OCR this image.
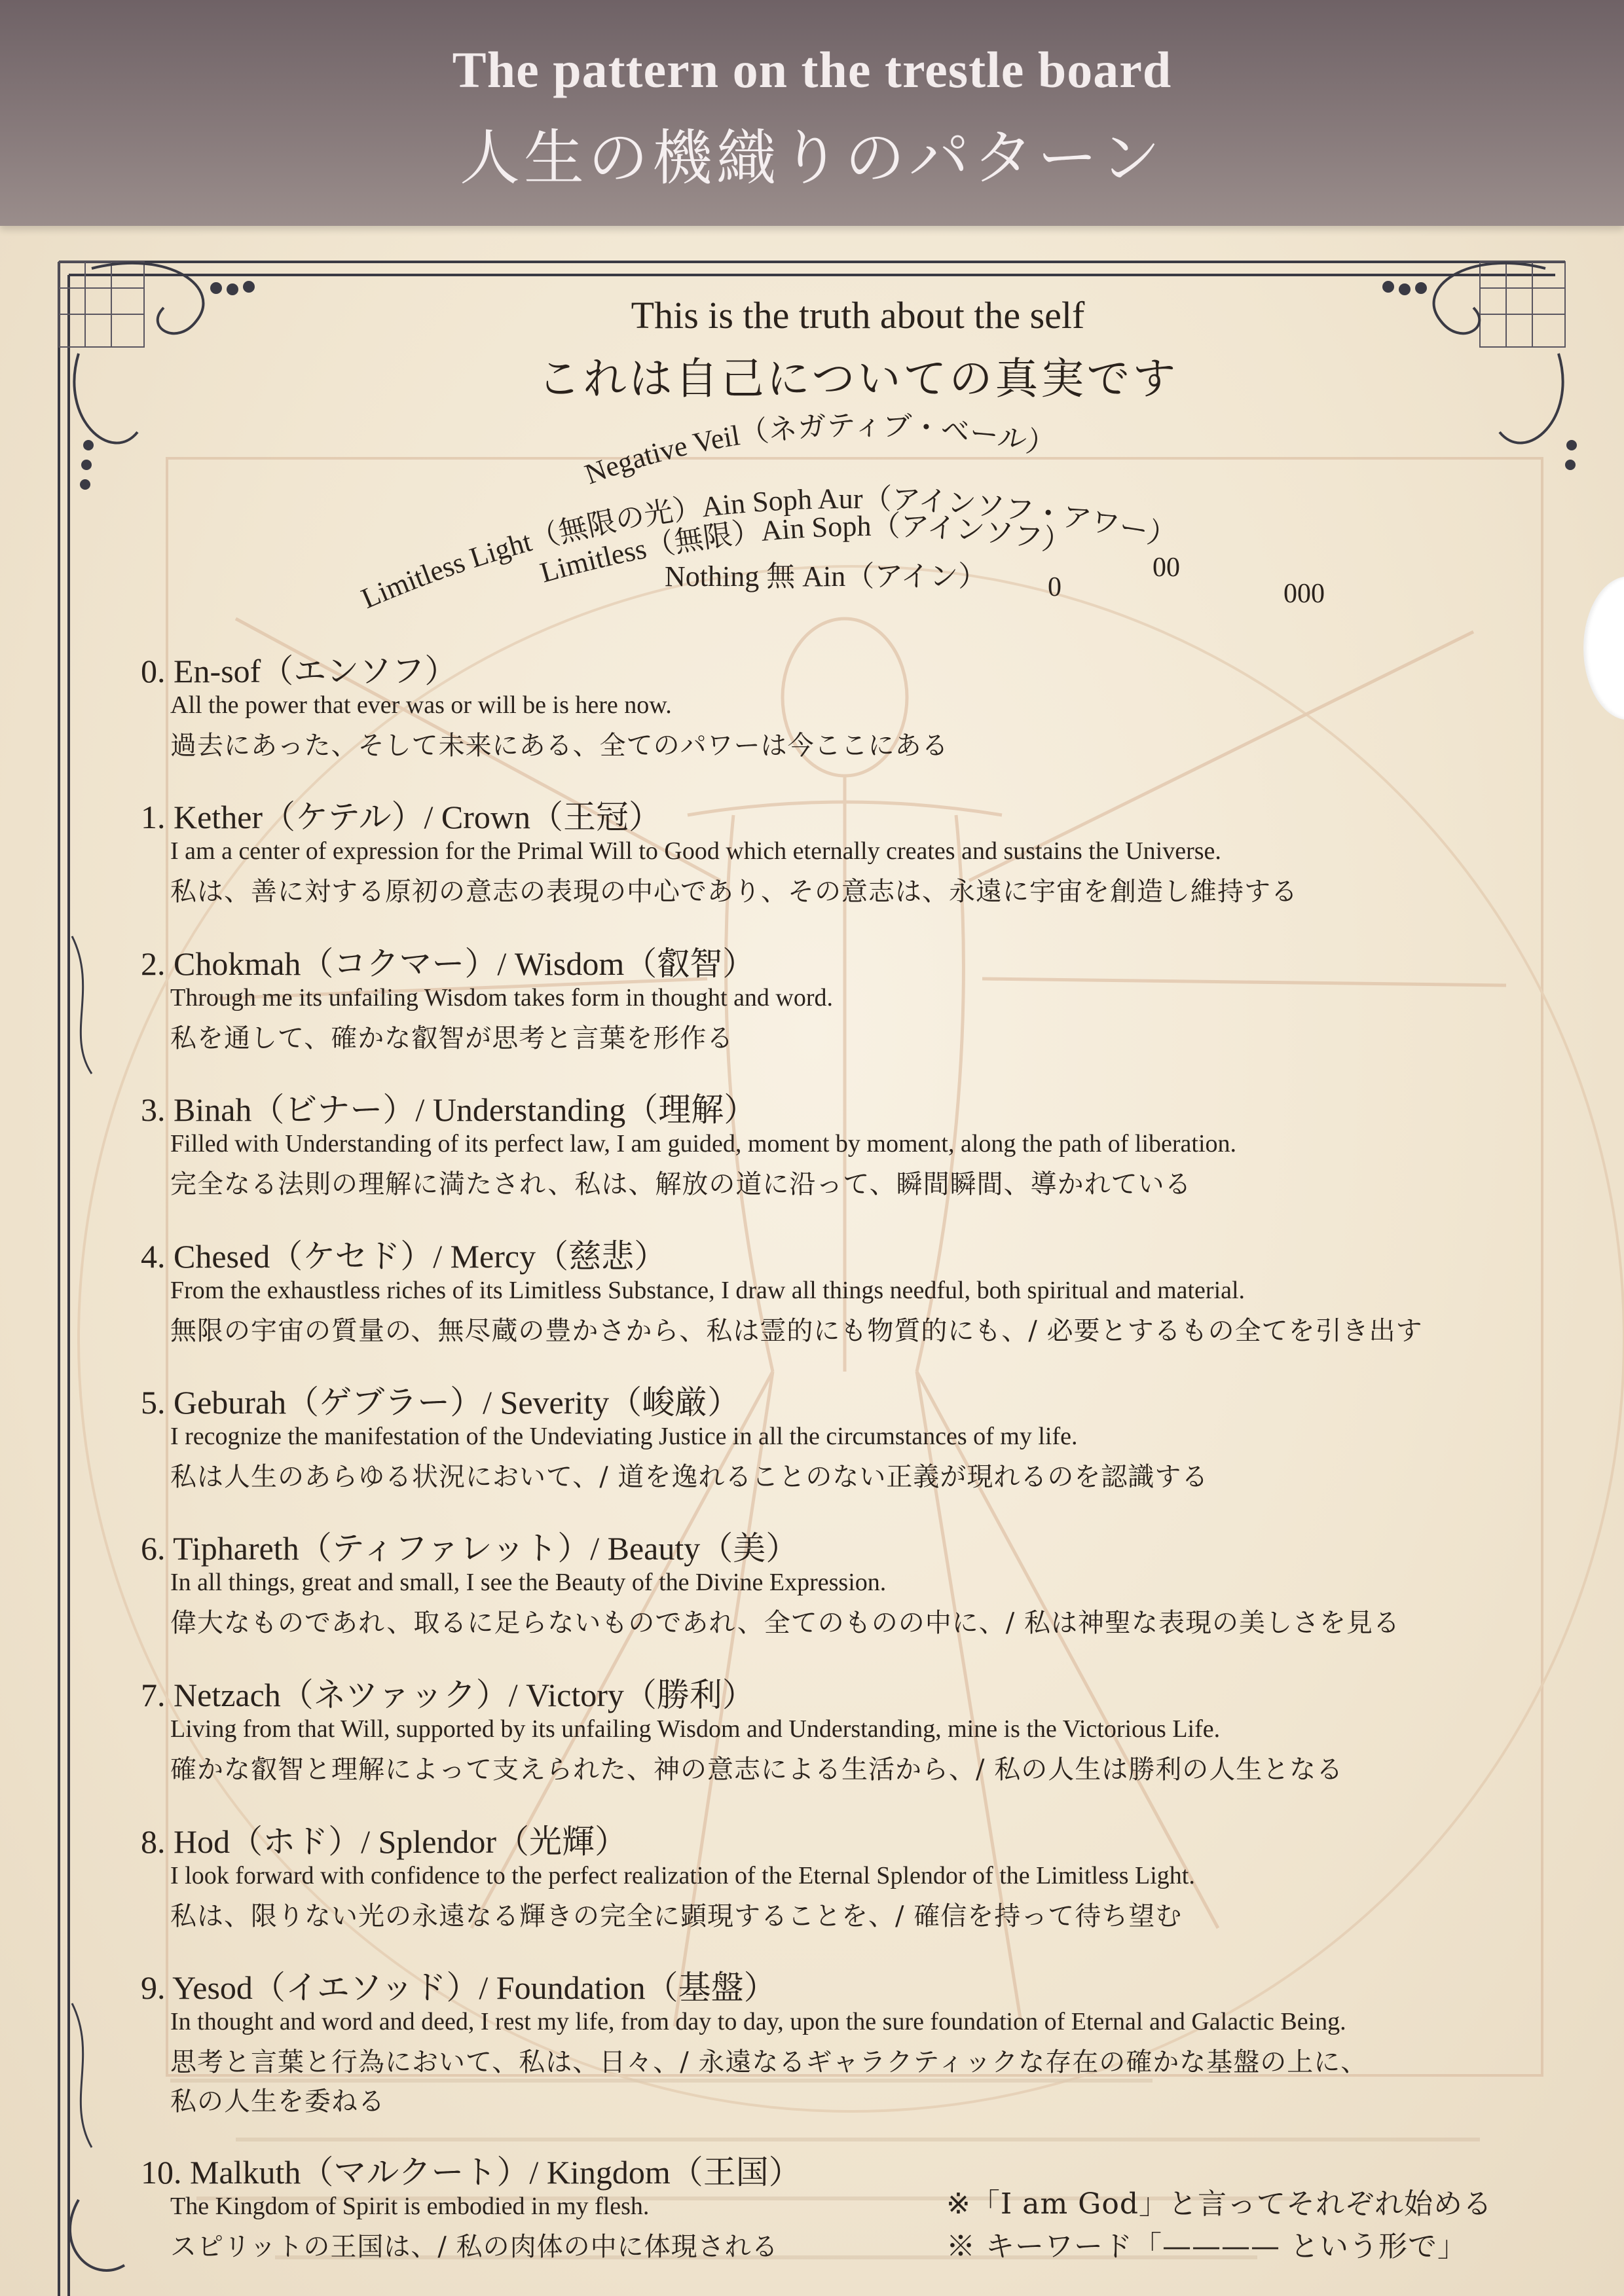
The pattern on the trestle board
人生の機織りのパターン
This is the truth about the self
これは自己についての真実です
Negative Veil（ネガティブ・ベール）
Limitless Light（無限の光）Ain Soph Aur（アインソフ・アワー）
Limitless（無限）Ain Soph（アインソフ）
Nothing 無 Ain（アイン） 0
00
000
0. En-sof（エンソフ）
All the power that ever was or will be is here now.
過去にあった、そして未来にある、全てのパワーは今ここにある
1. Kether（ケテル）/ Crown（王冠）
I am a center of expression for the Primal Will to Good which eternally creates and sustains the Universe.
私は、善に対する原初の意志の表現の中心であり、その意志は、永遠に宇宙を創造し維持する
2. Chokmah（コクマー）/ Wisdom（叡智）
Through me its unfailing Wisdom takes form in thought and word.
私を通して、確かな叡智が思考と言葉を形作る
3. Binah（ビナー）/ Understanding（理解）
Filled with Understanding of its perfect law, I am guided, moment by moment, along the path of liberation.
完全なる法則の理解に満たされ、私は、解放の道に沿って、瞬間瞬間、導かれている
4. Chesed（ケセド）/ Mercy（慈悲）
From the exhaustless riches of its Limitless Substance, I draw all things needful, both spiritual and material.
無限の宇宙の質量の、無尽蔵の豊かさから、私は霊的にも物質的にも、/ 必要とするもの全てを引き出す
5. Geburah（ゲブラー）/ Severity（峻厳）
I recognize the manifestation of the Undeviating Justice in all the circumstances of my life.
私は人生のあらゆる状況において、/ 道を逸れることのない正義が現れるのを認識する
6. Tiphareth（ティファレット）/ Beauty（美）
In all things, great and small, I see the Beauty of the Divine Expression.
偉大なものであれ、取るに足らないものであれ、全てのものの中に、/ 私は神聖な表現の美しさを見る
7. Netzach（ネツァック）/ Victory（勝利）
Living from that Will, supported by its unfailing Wisdom and Understanding, mine is the Victorious Life.
確かな叡智と理解によって支えられた、神の意志による生活から、/ 私の人生は勝利の人生となる
8. Hod（ホド）/ Splendor（光輝）
I look forward with confidence to the perfect realization of the Eternal Splendor of the Limitless Light.
私は、限りない光の永遠なる輝きの完全に顕現することを、/ 確信を持って待ち望む
9. Yesod（イエソッド）/ Foundation（基盤）
In thought and word and deed, I rest my life, from day to day, upon the sure foundation of Eternal and Galactic Being.
思考と言葉と行為において、私は、日々、/ 永遠なるギャラクティックな存在の確かな基盤の上に、
私の人生を委ねる
10. Malkuth（マルクート）/ Kingdom（王国）
The Kingdom of Spirit is embodied in my flesh.
スピリットの王国は、/ 私の肉体の中に体現される
※「I am God」と言ってそれぞれ始める
※ キーワード「———— という形で」
